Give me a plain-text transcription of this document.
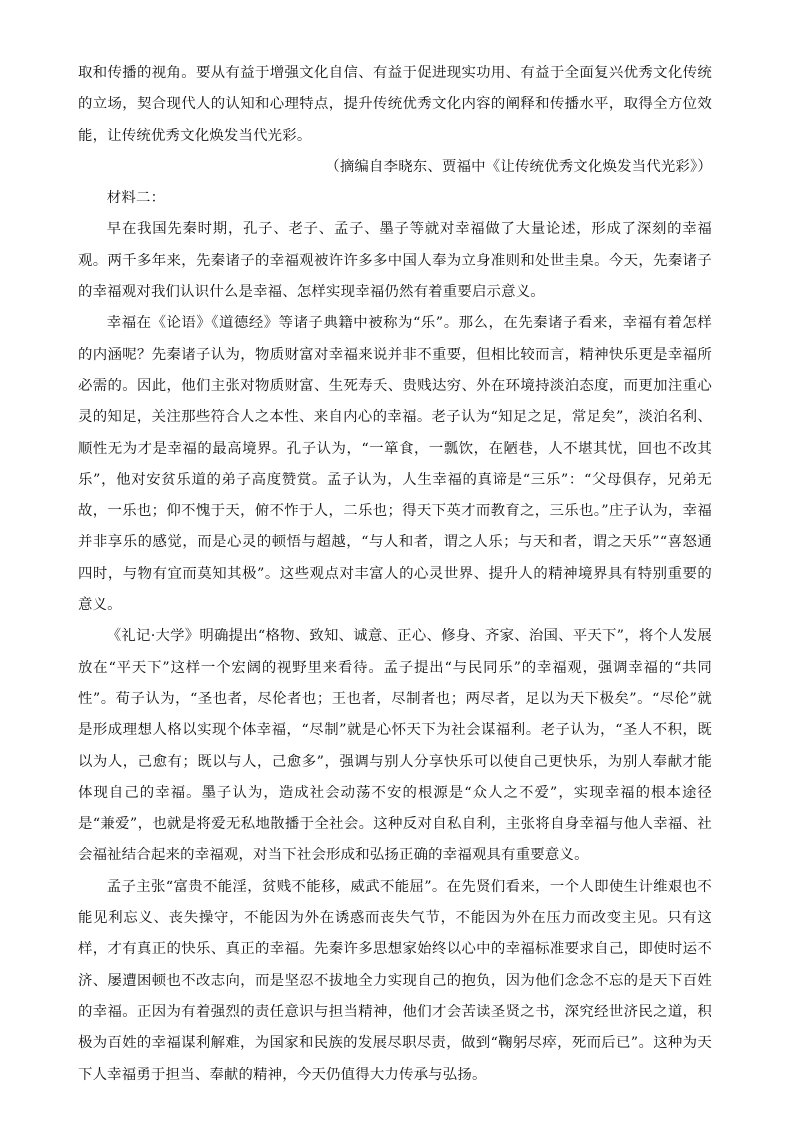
取和传播的视角。要从有益于增强文化自信、有益于促进现实功用、有益于全面复兴优秀文化传统的立场，契合现代人的认知和心理特点，提升传统优秀文化内容的阐释和传播水平，取得全方位效能，让传统优秀文化焕发当代光彩。

（摘编自李晓东、贾福中《让传统优秀文化焕发当代光彩》）

材料二：

早在我国先秦时期，孔子、老子、孟子、墨子等就对幸福做了大量论述，形成了深刻的幸福观。两千多年来，先秦诸子的幸福观被许许多多中国人奉为立身准则和处世圭臬。今天，先秦诸子的幸福观对我们认识什么是幸福、怎样实现幸福仍然有着重要启示意义。

幸福在《论语》《道德经》等诸子典籍中被称为“乐”。那么，在先秦诸子看来，幸福有着怎样的内涵呢？先秦诸子认为，物质财富对幸福来说并非不重要，但相比较而言，精神快乐更是幸福所必需的。因此，他们主张对物质财富、生死寿夭、贵贱达穷、外在环境持淡泊态度，而更加注重心灵的知足，关注那些符合人之本性、来自内心的幸福。老子认为“知足之足，常足矣”，淡泊名利、顺性无为才是幸福的最高境界。孔子认为，“一箪食，一瓢饮，在陋巷，人不堪其忧，回也不改其乐”，他对安贫乐道的弟子高度赞赏。孟子认为，人生幸福的真谛是“三乐”：“父母俱存，兄弟无故，一乐也；仰不愧于天，俯不怍于人，二乐也；得天下英才而教育之，三乐也。”庄子认为，幸福并非享乐的感觉，而是心灵的顿悟与超越，“与人和者，谓之人乐；与天和者，谓之天乐”“喜怒通四时，与物有宜而莫知其极”。这些观点对丰富人的心灵世界、提升人的精神境界具有特别重要的意义。

《礼记·大学》明确提出“格物、致知、诚意、正心、修身、齐家、治国、平天下”，将个人发展放在“平天下”这样一个宏阔的视野里来看待。孟子提出“与民同乐”的幸福观，强调幸福的“共同性”。荀子认为，“圣也者，尽伦者也；王也者，尽制者也；两尽者，足以为天下极矣”。“尽伦”就是形成理想人格以实现个体幸福，“尽制”就是心怀天下为社会谋福利。老子认为，“圣人不积，既以为人，己愈有；既以与人，己愈多”，强调与别人分享快乐可以使自己更快乐，为别人奉献才能体现自己的幸福。墨子认为，造成社会动荡不安的根源是“众人之不爱”，实现幸福的根本途径是“兼爱”，也就是将爱无私地散播于全社会。这种反对自私自利，主张将自身幸福与他人幸福、社会福祉结合起来的幸福观，对当下社会形成和弘扬正确的幸福观具有重要意义。

孟子主张“富贵不能淫，贫贱不能移，威武不能屈”。在先贤们看来，一个人即使生计维艰也不能见利忘义、丧失操守，不能因为外在诱惑而丧失气节，不能因为外在压力而改变主见。只有这样，才有真正的快乐、真正的幸福。先秦许多思想家始终以心中的幸福标准要求自己，即使时运不济、屡遭困顿也不改志向，而是坚忍不拔地全力实现自己的抱负，因为他们念念不忘的是天下百姓的幸福。正因为有着强烈的责任意识与担当精神，他们才会苦读圣贤之书，深究经世济民之道，积极为百姓的幸福谋利解难，为国家和民族的发展尽职尽责，做到“鞠躬尽瘁，死而后已”。这种为天下人幸福勇于担当、奉献的精神，今天仍值得大力传承与弘扬。
